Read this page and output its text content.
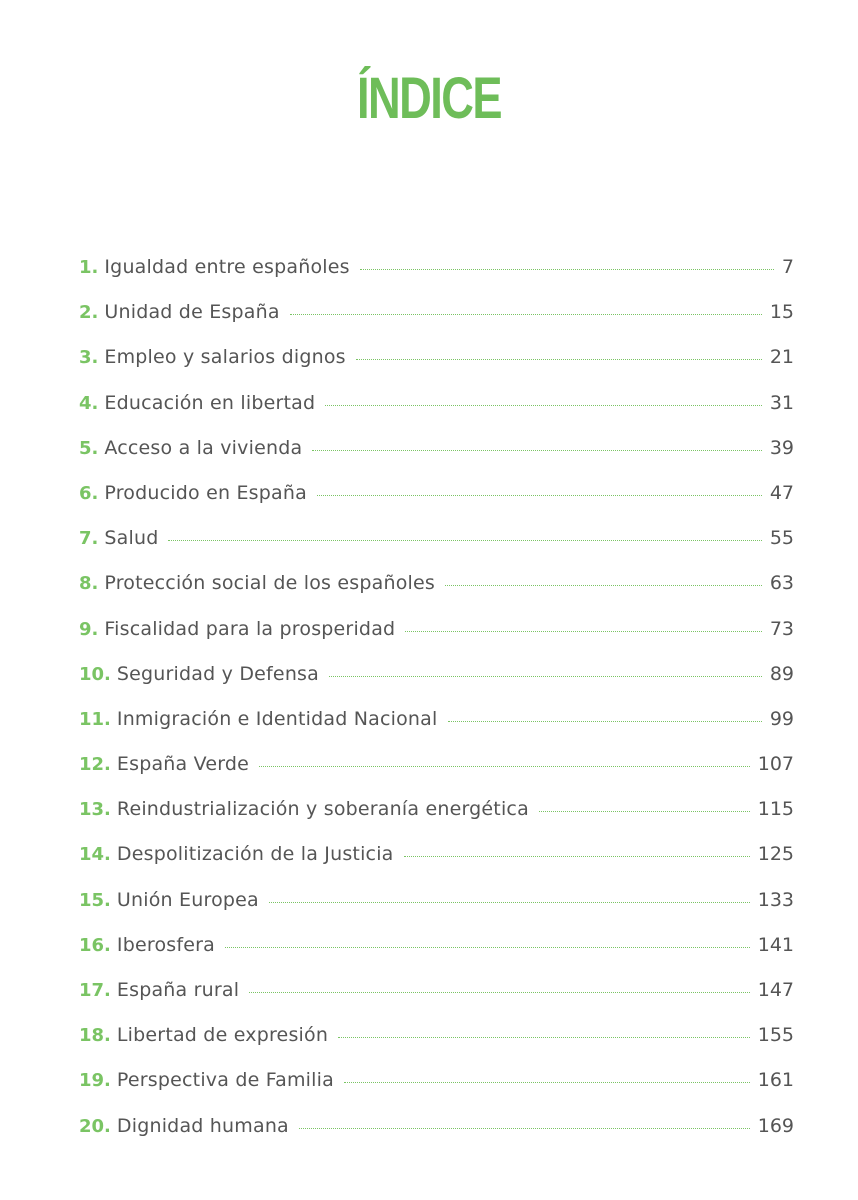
ÍNDICE
1. Igualdad entre españoles	7
2. Unidad de España	15
3. Empleo y salarios dignos	21
4. Educación en libertad	31
5. Acceso a la vivienda	39
6. Producido en España	47
7. Salud	55
8. Protección social de los españoles	63
9. Fiscalidad para la prosperidad	73
10. Seguridad y Defensa	89
11. Inmigración e Identidad Nacional	99
12. España Verde	107
13. Reindustrialización y soberanía energética	115
14. Despolitización de la Justicia	125
15. Unión Europea	133
16. Iberosfera	141
17. España rural	147
18. Libertad de expresión	155
19. Perspectiva de Familia	161
20. Dignidad humana	169
